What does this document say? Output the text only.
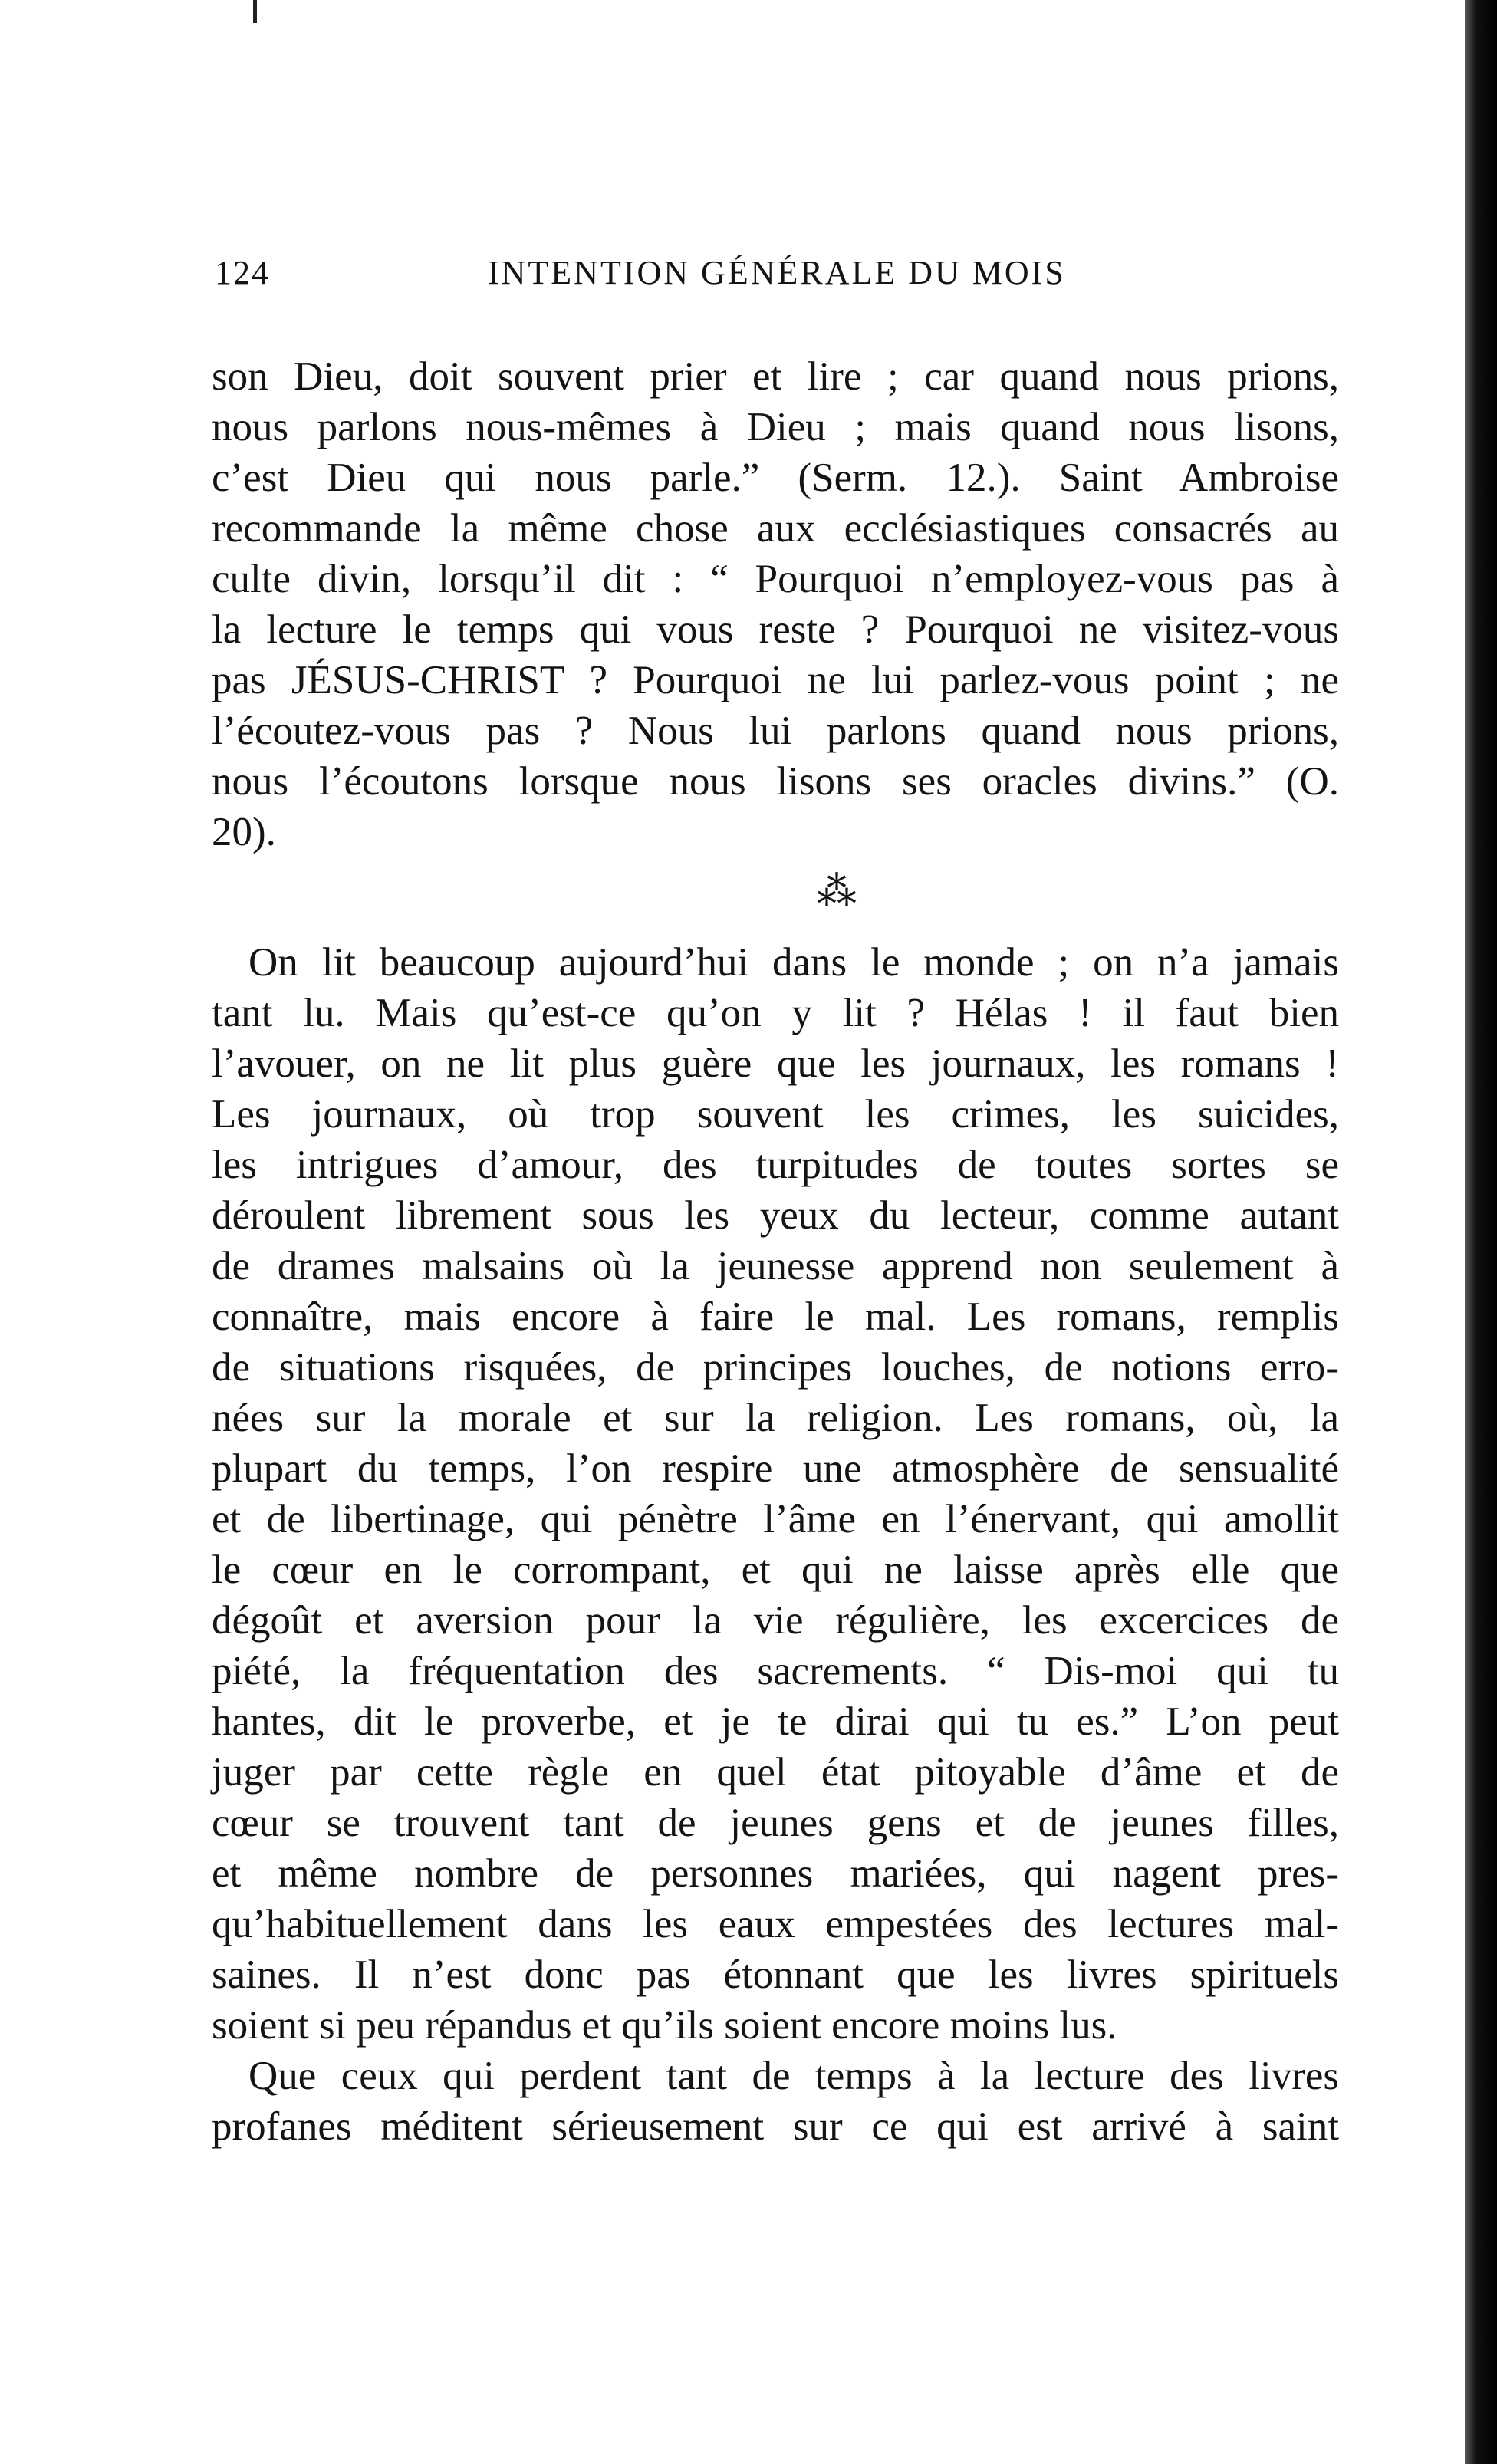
124	INTENTION GÉNÉRALE DU MOIS
son Dieu, doit souvent prier et lire ; car quand nous prions,
nous parlons nous-mêmes à Dieu ; mais quand nous lisons,
c’est Dieu qui nous parle.” (Serm. 12.). Saint Ambroise
recommande la même chose aux ecclésiastiques consacrés au
culte divin, lorsqu’il dit : “ Pourquoi n’employez-vous pas à
la lecture le temps qui vous reste ? Pourquoi ne visitez-vous
pas JÉSUS-CHRIST ? Pourquoi ne lui parlez-vous point ; ne
l’écoutez-vous pas ? Nous lui parlons quand nous prions,
nous l’écoutons lorsque nous lisons ses oracles divins.” (O.
20).
⁂
On lit beaucoup aujourd’hui dans le monde ; on n’a jamais
tant lu. Mais qu’est-ce qu’on y lit ? Hélas ! il faut bien
l’avouer, on ne lit plus guère que les journaux, les romans !
Les journaux, où trop souvent les crimes, les suicides,
les intrigues d’amour, des turpitudes de toutes sortes se
déroulent librement sous les yeux du lecteur, comme autant
de drames malsains où la jeunesse apprend non seulement à
connaître, mais encore à faire le mal. Les romans, remplis
de situations risquées, de principes louches, de notions erro-
nées sur la morale et sur la religion. Les romans, où, la
plupart du temps, l’on respire une atmosphère de sensualité
et de libertinage, qui pénètre l’âme en l’énervant, qui amollit
le cœur en le corrompant, et qui ne laisse après elle que
dégoût et aversion pour la vie régulière, les excercices de
piété, la fréquentation des sacrements. “ Dis-moi qui tu
hantes, dit le proverbe, et je te dirai qui tu es.” L’on peut
juger par cette règle en quel état pitoyable d’âme et de
cœur se trouvent tant de jeunes gens et de jeunes filles,
et même nombre de personnes mariées, qui nagent pres-
qu’habituellement dans les eaux empestées des lectures mal-
saines. Il n’est donc pas étonnant que les livres spirituels
soient si peu répandus et qu’ils soient encore moins lus.
Que ceux qui perdent tant de temps à la lecture des livres
profanes méditent sérieusement sur ce qui est arrivé à saint
